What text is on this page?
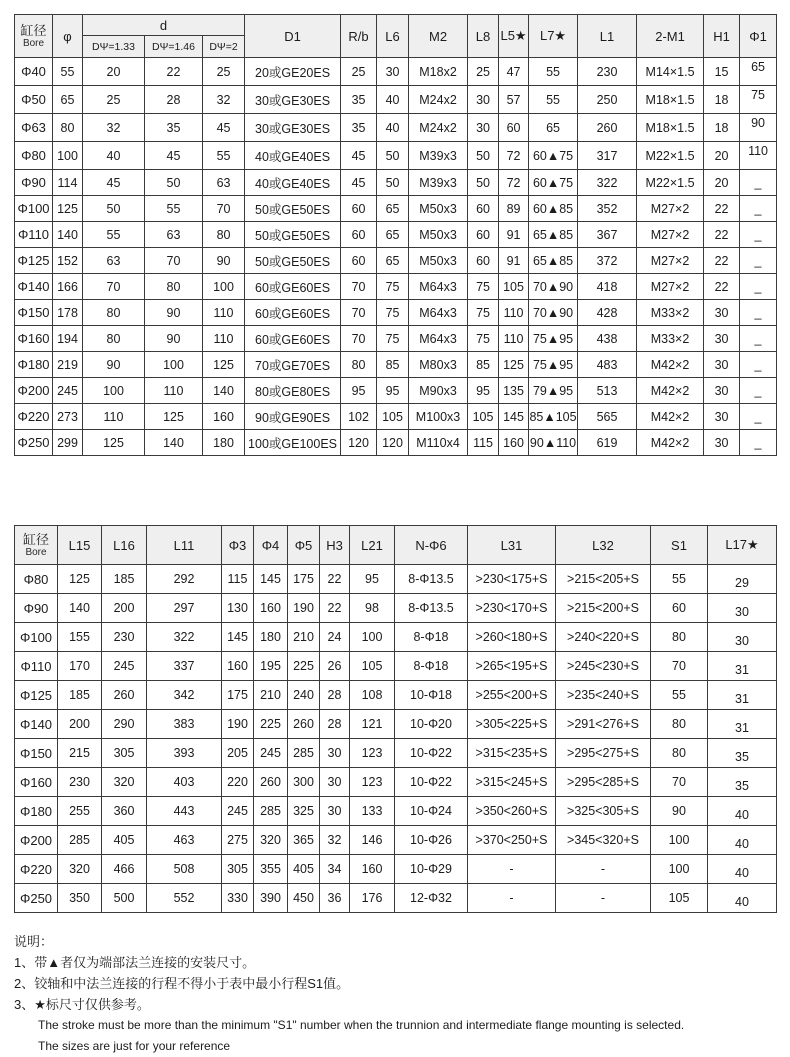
缸径
Bore	φ	d			D1	R/b	L6	M2	L8	L5★	L7★	L1	2-M1	H1	Φ1
		DΨ=1.33	DΨ=1.46	DΨ=2											
Φ40	55	20	22	25	20或GE20ES	25	30	M18x2	25	47	55	230	M14×1.5	15	65
Φ50	65	25	28	32	30或GE30ES	35	40	M24x2	30	57	55	250	M18×1.5	18	75
Φ63	80	32	35	45	30或GE30ES	35	40	M24x2	30	60	65	260	M18×1.5	18	90
Φ80	100	40	45	55	40或GE40ES	45	50	M39x3	50	72	60▲75	317	M22×1.5	20	110
Φ90	114	45	50	63	40或GE40ES	45	50	M39x3	50	72	60▲75	322	M22×1.5	20	_
Φ100	125	50	55	70	50或GE50ES	60	65	M50x3	60	89	60▲85	352	M27×2	22	_
Φ110	140	55	63	80	50或GE50ES	60	65	M50x3	60	91	65▲85	367	M27×2	22	_
Φ125	152	63	70	90	50或GE50ES	60	65	M50x3	60	91	65▲85	372	M27×2	22	_
Φ140	166	70	80	100	60或GE60ES	70	75	M64x3	75	105	70▲90	418	M27×2	22	_
Φ150	178	80	90	110	60或GE60ES	70	75	M64x3	75	110	70▲90	428	M33×2	30	_
Φ160	194	80	90	110	60或GE60ES	70	75	M64x3	75	110	75▲95	438	M33×2	30	_
Φ180	219	90	100	125	70或GE70ES	80	85	M80x3	85	125	75▲95	483	M42×2	30	_
Φ200	245	100	110	140	80或GE80ES	95	95	M90x3	95	135	79▲95	513	M42×2	30	_
Φ220	273	110	125	160	90或GE90ES	102	105	M100x3	105	145	85▲105	565	M42×2	30	_
Φ250	299	125	140	180	100或GE100ES	120	120	M110x4	115	160	90▲110	619	M42×2	30	_
缸径
Bore	L15	L16	L11	Φ3	Φ4	Φ5	H3	L21	N-Φ6	L31	L32	S1	L17★
Φ80	125	185	292	115	145	175	22	95	8-Φ13.5	>230<175+S	>215<205+S	55	29
Φ90	140	200	297	130	160	190	22	98	8-Φ13.5	>230<170+S	>215<200+S	60	30
Φ100	155	230	322	145	180	210	24	100	8-Φ18	>260<180+S	>240<220+S	80	30
Φ110	170	245	337	160	195	225	26	105	8-Φ18	>265<195+S	>245<230+S	70	31
Φ125	185	260	342	175	210	240	28	108	10-Φ18	>255<200+S	>235<240+S	55	31
Φ140	200	290	383	190	225	260	28	121	10-Φ20	>305<225+S	>291<276+S	80	31
Φ150	215	305	393	205	245	285	30	123	10-Φ22	>315<235+S	>295<275+S	80	35
Φ160	230	320	403	220	260	300	30	123	10-Φ22	>315<245+S	>295<285+S	70	35
Φ180	255	360	443	245	285	325	30	133	10-Φ24	>350<260+S	>325<305+S	90	40
Φ200	285	405	463	275	320	365	32	146	10-Φ26	>370<250+S	>345<320+S	100	40
Φ220	320	466	508	305	355	405	34	160	10-Φ29	-	-	100	40
Φ250	350	500	552	330	390	450	36	176	12-Φ32	-	-	105	40
说明：
1、带▲者仅为端部法兰连接的安装尺寸。
2、铰轴和中法兰连接的行程不得小于表中最小行程S1值。
3、★标尺寸仅供参考。
The stroke must be more than the minimum "S1" number when the trunnion and intermediate flange mounting is selected.
The sizes are just for your reference
